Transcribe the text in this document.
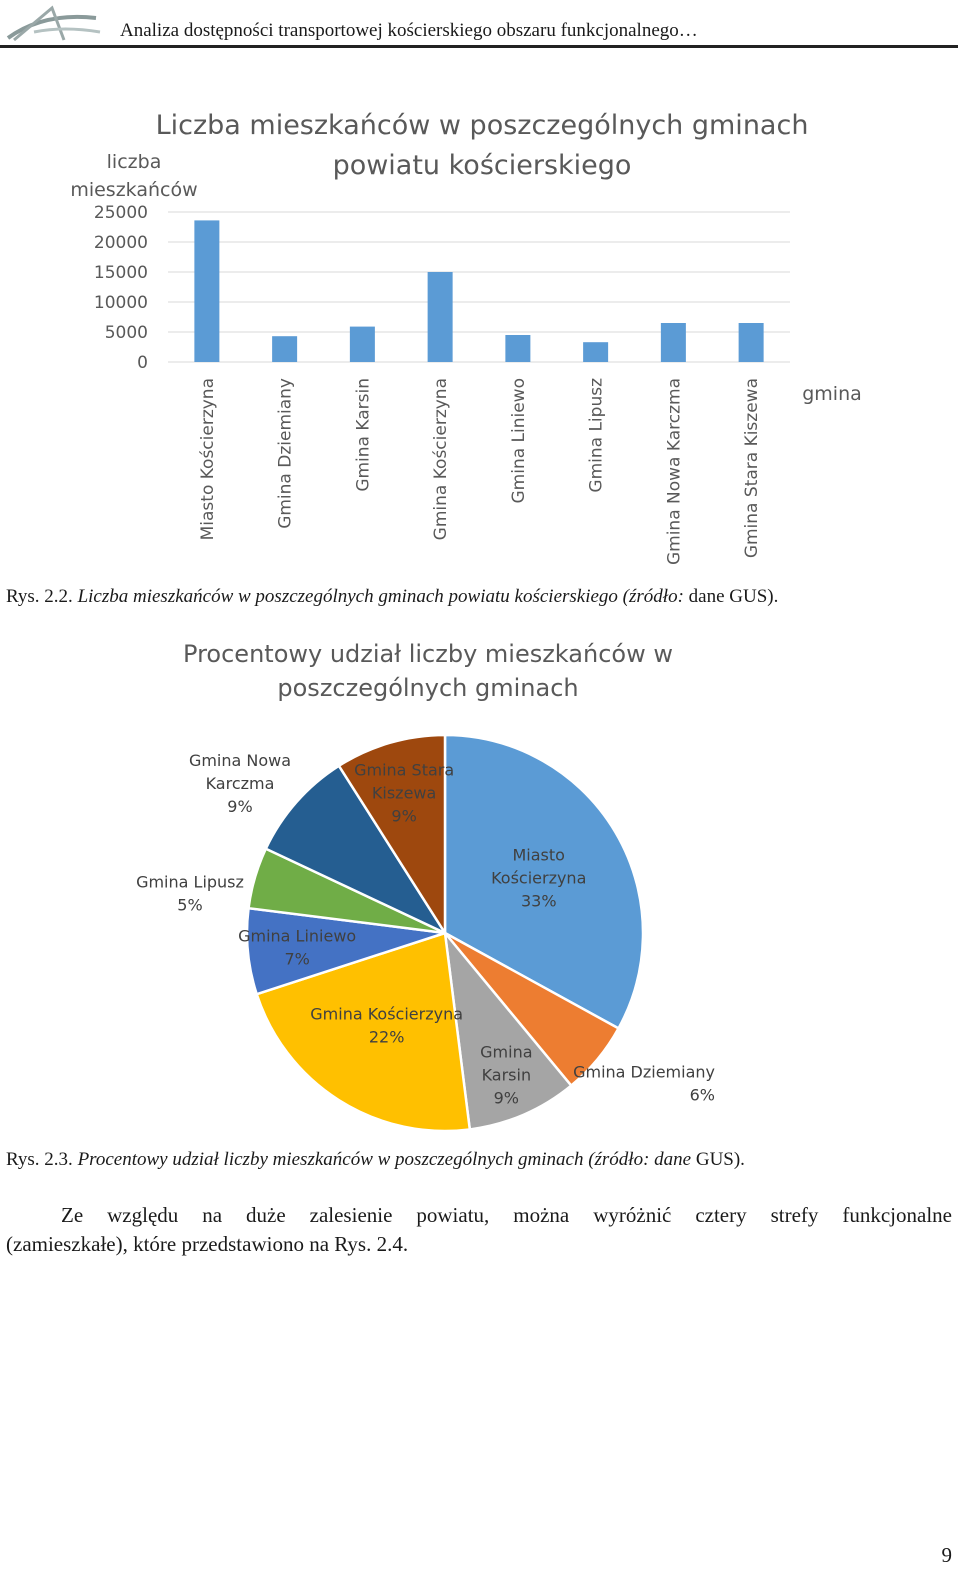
Analiza dostępności transportowej kościerskiego obszaru funkcjonalnego…
Liczba mieszkańców w poszczególnych gminach
powiatu kościerskiego
liczba
mieszkańców
0
5000
10000
15000
20000
25000
Miasto Kościerzyna	Gmina Dziemiany	Gmina Karsin	Gmina Kościerzyna	Gmina Liniewo	Gmina Lipusz	Gmina Nowa Karczma	Gmina Stara Kiszewa gmina
Rys. 2.2. Liczba mieszkańców w poszczególnych gminach powiatu kościerskiego (źródło: dane GUS).
Procentowy udział liczby mieszkańców w
poszczególnych gminach
Miasto
Kościerzyna
33%
Gmina Dziemiany
6%
Gmina
Karsin
9%
Gmina Kościerzyna
22%
Gmina Liniewo
7%
Gmina Lipusz
5%
Gmina Nowa
Karczma
9%
Gmina Stara
Kiszewa
9%
Rys. 2.3. Procentowy udział liczby mieszkańców w poszczególnych gminach (źródło: dane GUS).
Ze względu na duże zalesienie powiatu, można wyróżnić cztery strefy funkcjonalne
(zamieszkałe), które przedstawiono na Rys. 2.4.
9
